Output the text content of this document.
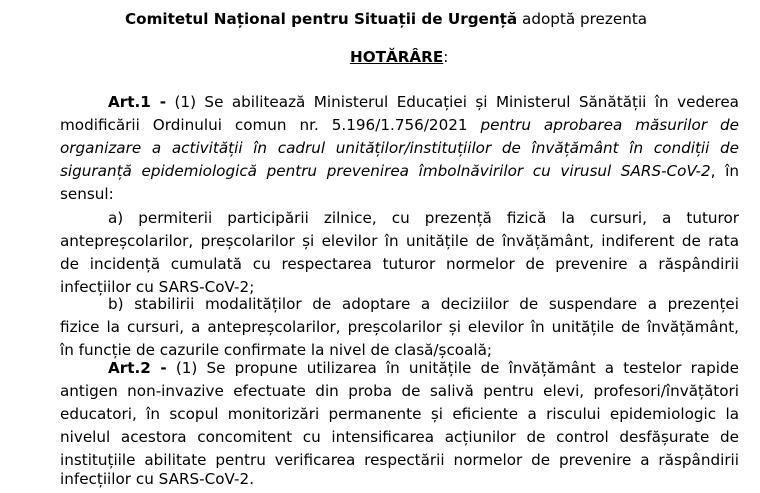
Comitetul Național pentru Situații de Urgență adoptă prezenta
HOTĂRÂRE:
Art.1 - (1) Se abilitează Ministerul Educației și Ministerul Sănătății în vederea
modificării Ordinului comun nr. 5.196/1.756/2021 pentru aprobarea măsurilor de
organizare a activității în cadrul unităților/instituțiilor de învățământ în condiții de
siguranță epidemiologică pentru prevenirea îmbolnăvirilor cu virusul SARS-CoV-2, în
sensul:
a) permiterii participării zilnice, cu prezență fizică la cursuri, a tuturor
antepreșcolarilor, preșcolarilor și elevilor în unitățile de învățământ, indiferent de rata
de incidență cumulată cu respectarea tuturor normelor de prevenire a răspândirii
infecțiilor cu SARS-CoV-2;
b) stabilirii modalităților de adoptare a deciziilor de suspendare a prezenței
fizice la cursuri, a antepreșcolarilor, preșcolarilor și elevilor în unitățile de învățământ,
în funcție de cazurile confirmate la nivel de clasă/școală;
Art.2 - (1) Se propune utilizarea în unitățile de învățământ a testelor rapide
antigen non-invazive efectuate din proba de salivă pentru elevi, profesori/învățători
educatori, în scopul monitorizări permanente și eficiente a riscului epidemiologic la
nivelul acestora concomitent cu intensificarea acțiunilor de control desfășurate de
instituțiile abilitate pentru verificarea respectării normelor de prevenire a răspândirii
infecțiilor cu SARS-CoV-2.
